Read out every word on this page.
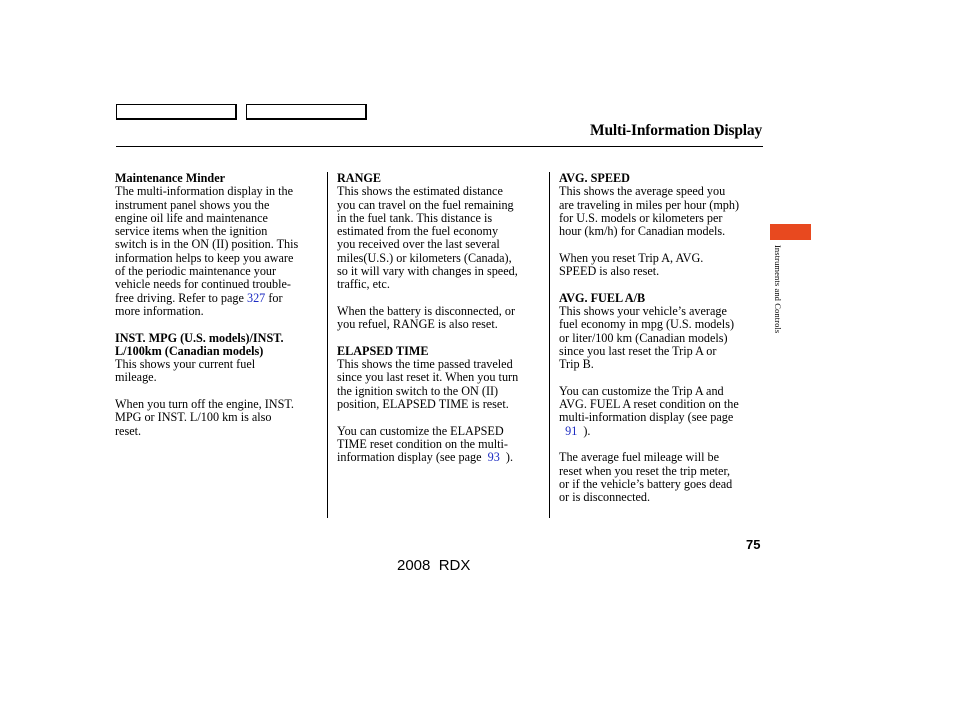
Multi-Information Display

Maintenance Minder
The multi-information display in the
instrument panel shows you the
engine oil life and maintenance
service items when the ignition
switch is in the ON (II) position. This
information helps to keep you aware
of the periodic maintenance your
vehicle needs for continued trouble-
free driving. Refer to page 327 for
more information.

INST. MPG (U.S. models)/INST.
L/100km (Canadian models)
This shows your current fuel
mileage.

When you turn off the engine, INST.
MPG or INST. L/100 km is also
reset.

RANGE
This shows the estimated distance
you can travel on the fuel remaining
in the fuel tank. This distance is
estimated from the fuel economy
you received over the last several
miles(U.S.) or kilometers (Canada),
so it will vary with changes in speed,
traffic, etc.

When the battery is disconnected, or
you refuel, RANGE is also reset.

ELAPSED TIME
This shows the time passed traveled
since you last reset it. When you turn
the ignition switch to the ON (II)
position, ELAPSED TIME is reset.

You can customize the ELAPSED
TIME reset condition on the multi-
information display (see page  93  ).

AVG. SPEED
This shows the average speed you
are traveling in miles per hour (mph)
for U.S. models or kilometers per
hour (km/h) for Canadian models.

When you reset Trip A, AVG.
SPEED is also reset.

AVG. FUEL A/B
This shows your vehicle’s average
fuel economy in mpg (U.S. models)
or liter/100 km (Canadian models)
since you last reset the Trip A or
Trip B.

You can customize the Trip A and
AVG. FUEL A reset condition on the
multi-information display (see page
91  ).

The average fuel mileage will be
reset when you reset the trip meter,
or if the vehicle’s battery goes dead
or is disconnected.

Instruments and Controls
75
2008  RDX
